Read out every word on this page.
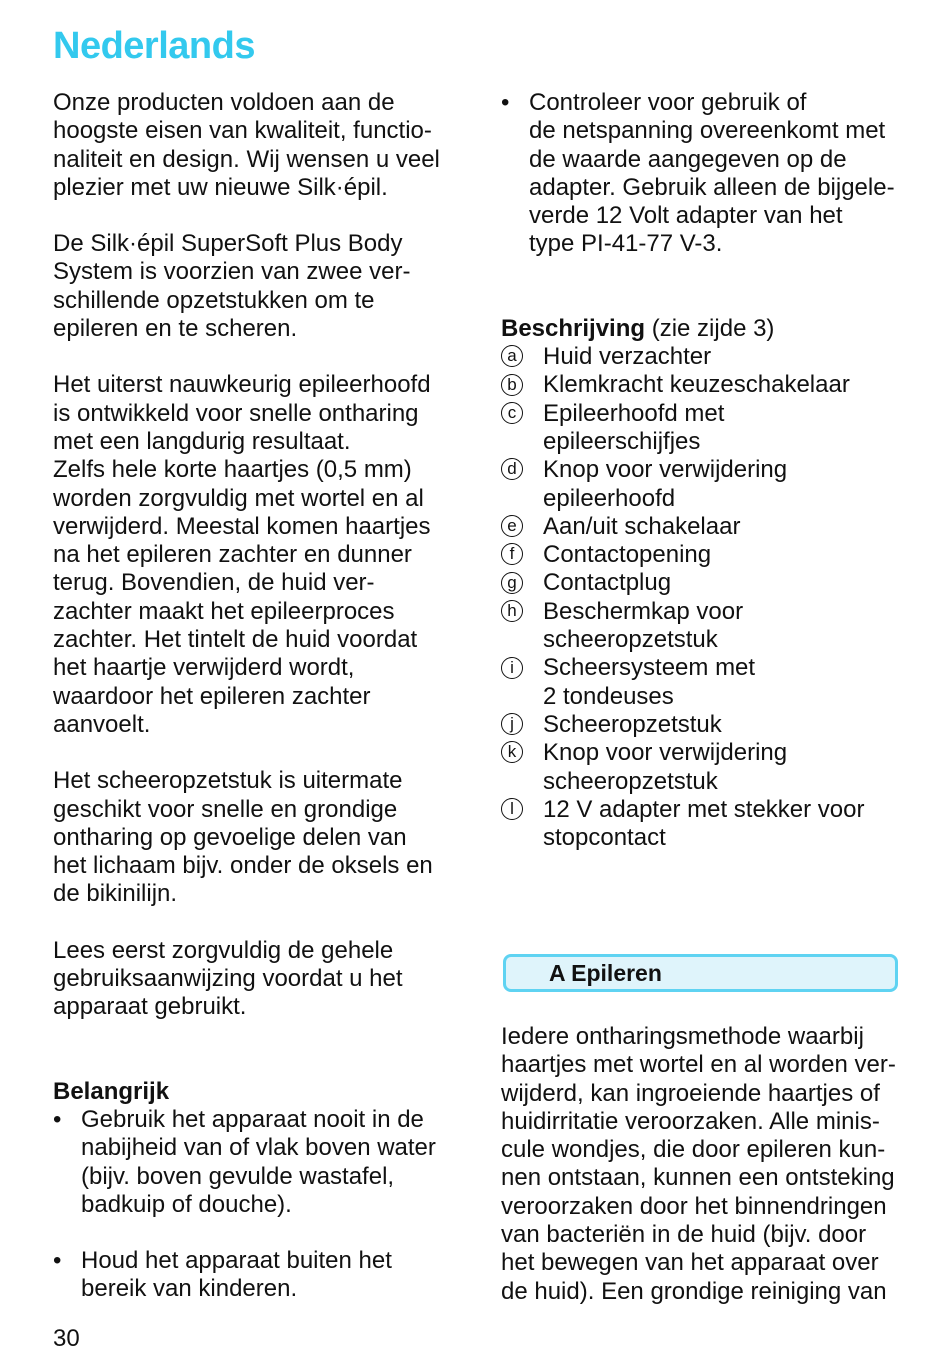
Nederlands

Onze producten voldoen aan de
hoogste eisen van kwaliteit, functio-
naliteit en design. Wij wensen u veel
plezier met uw nieuwe Silk·épil.

De Silk·épil SuperSoft Plus Body
System is voorzien van zwee ver-
schillende opzetstukken om te
epileren en te scheren.

Het uiterst nauwkeurig epileerhoofd
is ontwikkeld voor snelle ontharing
met een langdurig resultaat.
Zelfs hele korte haartjes (0,5 mm)
worden zorgvuldig met wortel en al
verwijderd. Meestal komen haartjes
na het epileren zachter en dunner
terug. Bovendien, de huid ver-
zachter maakt het epileerproces
zachter. Het tintelt de huid voordat
het haartje verwijderd wordt,
waardoor het epileren zachter
aanvoelt.

Het scheeropzetstuk is uitermate
geschikt voor snelle en grondige
ontharing op gevoelige delen van
het lichaam bijv. onder de oksels en
de bikinilijn.

Lees eerst zorgvuldig de gehele
gebruiksaanwijzing voordat u het
apparaat gebruikt.

Belangrijk
• Gebruik het apparaat nooit in de
nabijheid van of vlak boven water
(bijv. boven gevulde wastafel,
badkuip of douche).
• Houd het apparaat buiten het
bereik van kinderen.
• Controleer voor gebruik of
de netspanning overeenkomt met
de waarde aangegeven op de
adapter. Gebruik alleen de bijgele-
verde 12 Volt adapter van het
type PI-41-77 V-3.
Beschrijving (zie zijde 3)
a	Huid verzachter
b	Klemkracht keuzeschakelaar
c	Epileerhoofd met
epileerschijfjes
d	Knop voor verwijdering
epileerhoofd
e	Aan/uit schakelaar
f	Contactopening
g	Contactplug
h	Beschermkap voor
scheeropzetstuk
i	Scheersysteem met
2 tondeuses
j	Scheeropzetstuk
k	Knop voor verwijdering
scheeropzetstuk
l	12 V adapter met stekker voor
stopcontact
A Epileren
Iedere ontharingsmethode waarbij
haartjes met wortel en al worden ver-
wijderd, kan ingroeiende haartjes of
huidirritatie veroorzaken. Alle minis-
cule wondjes, die door epileren kun-
nen ontstaan, kunnen een ontsteking
veroorzaken door het binnendringen
van bacteriën in de huid (bijv. door
het bewegen van het apparaat over
de huid). Een grondige reiniging van
30
